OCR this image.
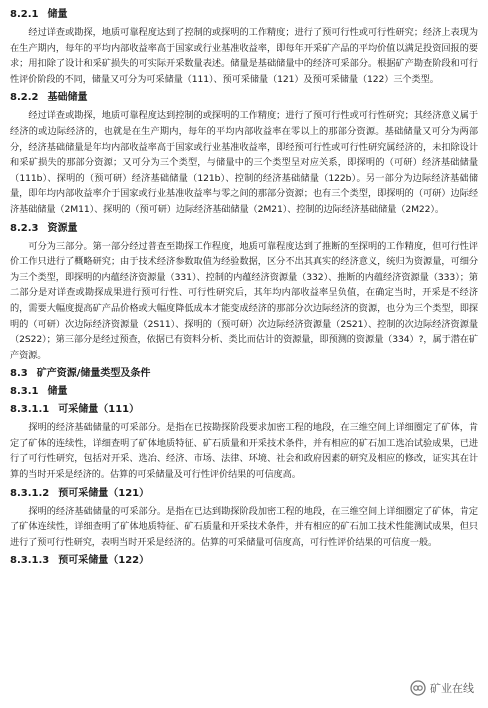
8.2.1 储量

经过详查或勘探，地质可靠程度达到了控制的或探明的工作精度；进行了预可行性或可行性研究；经济上表现为在生产期内，每年的平均内部收益率高于国家或行业基准收益率，即每年开采矿产品的平均价值以满足投资回报的要求；用扣除了设计和采矿损失的可实际开采数量表述。储量是基础储量中的经济可采部分。根据矿产勘查阶段和可行性评价阶段的不同，储量又可分为可采储量（111）、预可采储量（121）及预可采储量（122）三个类型。

8.2.2 基础储量

经过详查或勘探，地质可靠程度达到控制的或探明的工作精度；进行了预可行性或可行性研究；其经济意义属于经济的或边际经济的，也就是在生产期内，每年的平均内部收益率在零以上的那部分资源。基础储量又可分为两部分，经济基础储量是年均内部收益率高于国家或行业基准收益率，即经预可行性或可行性研究属经济的，未扣除设计和采矿损失的那部分资源；又可分为三个类型，与储量中的三个类型呈对应关系，即探明的（可研）经济基础储量（111b）、探明的（预可研）经济基础储量（121b）、控制的经济基础储量（122b）。另一部分为边际经济基础储量，即年均内部收益率介于国家或行业基准收益率与零之间的那部分资源；也有三个类型，即探明的（可研）边际经济基础储量（2M11）、探明的（预可研）边际经济基础储量（2M21）、控制的边际经济基础储量（2M22）。

8.2.3 资源量

可分为三部分。第一部分经过普查至勘探工作程度，地质可靠程度达到了推断的至探明的工作精度，但可行性评价工作只进行了概略研究；由于技术经济参数取值为经验数据，区分不出其真实的经济意义，统归为资源量，可细分为三个类型，即探明的内蕴经济资源量（331）、控制的内蕴经济资源量（332）、推断的内蕴经济资源量（333）；第二部分是对详查或勘探成果进行预可行性、可行性研究后，其年均内部收益率呈负值，在确定当时，开采是不经济的，需要大幅度提高矿产品价格或大幅度降低成本才能变成经济的那部分次边际经济的资源，也分为三个类型，即探明的（可研）次边际经济资源量（2S11）、探明的（预可研）次边际经济资源量（2S21）、控制的次边际经济资源量（2S22）；第三部分是经过预查，依据已有资料分析、类比而估计的资源量，即预测的资源量（334）?，属于潜在矿产资源。

8.3 矿产资源/储量类型及条件
8.3.1 储量
8.3.1.1 可采储量（111）

探明的经济基础储量的可采部分。是指在已按勘探阶段要求加密工程的地段，在三维空间上详细圈定了矿体，肯定了矿体的连续性，详细查明了矿体地质特征、矿石质量和开采技术条件，并有相应的矿石加工选冶试验成果，已进行了可行性研究，包括对开采、选冶、经济、市场、法律、环境、社会和政府因素的研究及相应的修改，证实其在计算的当时开采是经济的。估算的可采储量及可行性评价结果的可信度高。

8.3.1.2 预可采储量（121）

探明的经济基础储量的可采部分。是指在已达到勘探阶段加密工程的地段，在三维空间上详细圈定了矿体，肯定了矿体连续性，详细查明了矿体地质特征、矿石质量和开采技术条件，并有相应的矿石加工技术性能测试成果，但只进行了预可行性研究，表明当时开采是经济的。估算的可采储量可信度高，可行性评价结果的可信度一般。

8.3.1.3 预可采储量（122）
矿业在线
